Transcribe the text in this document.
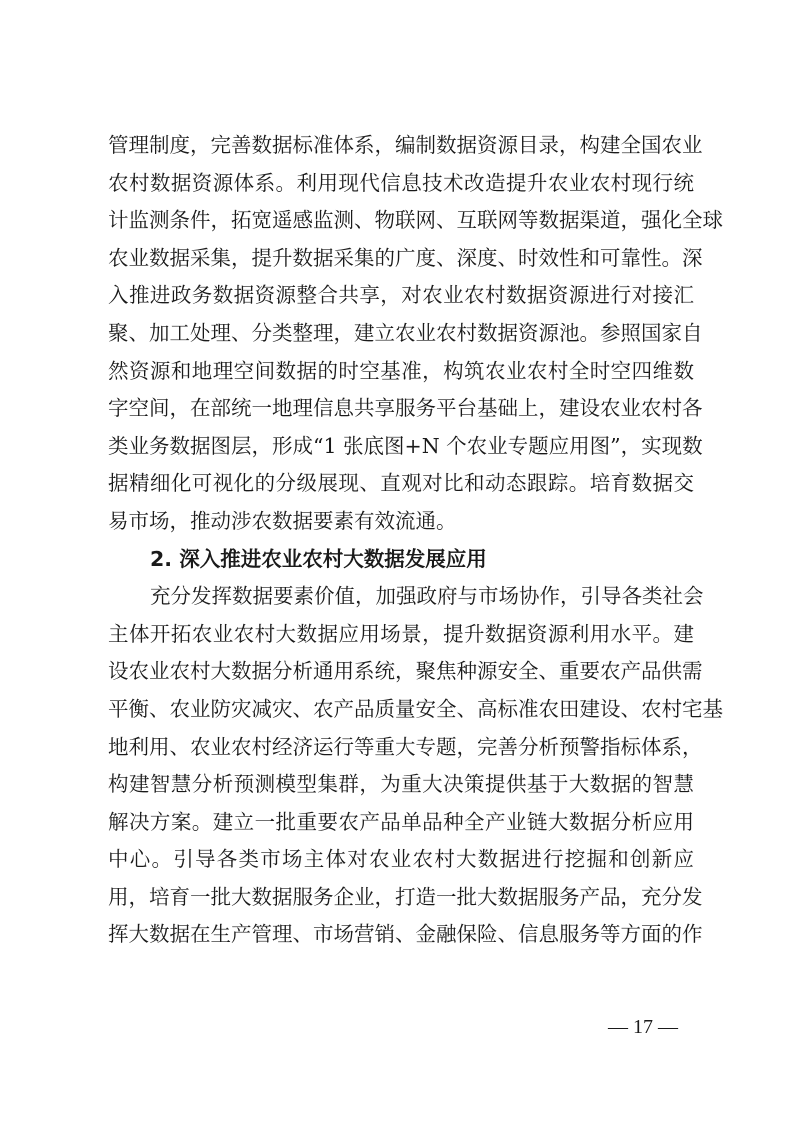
管理制度，完善数据标准体系，编制数据资源目录，构建全国农业
农村数据资源体系。利用现代信息技术改造提升农业农村现行统
计监测条件，拓宽遥感监测、物联网、互联网等数据渠道，强化全球
农业数据采集，提升数据采集的广度、深度、时效性和可靠性。深
入推进政务数据资源整合共享，对农业农村数据资源进行对接汇
聚、加工处理、分类整理，建立农业农村数据资源池。参照国家自
然资源和地理空间数据的时空基准，构筑农业农村全时空四维数
字空间，在部统一地理信息共享服务平台基础上，建设农业农村各
类业务数据图层，形成“1 张底图+N 个农业专题应用图”，实现数
据精细化可视化的分级展现、直观对比和动态跟踪。培育数据交
易市场，推动涉农数据要素有效流通。
2. 深入推进农业农村大数据发展应用
充分发挥数据要素价值，加强政府与市场协作，引导各类社会
主体开拓农业农村大数据应用场景，提升数据资源利用水平。建
设农业农村大数据分析通用系统，聚焦种源安全、重要农产品供需
平衡、农业防灾减灾、农产品质量安全、高标准农田建设、农村宅基
地利用、农业农村经济运行等重大专题，完善分析预警指标体系，
构建智慧分析预测模型集群，为重大决策提供基于大数据的智慧
解决方案。建立一批重要农产品单品种全产业链大数据分析应用
中心。引导各类市场主体对农业农村大数据进行挖掘和创新应
用，培育一批大数据服务企业，打造一批大数据服务产品，充分发
挥大数据在生产管理、市场营销、金融保险、信息服务等方面的作
— 17 —
